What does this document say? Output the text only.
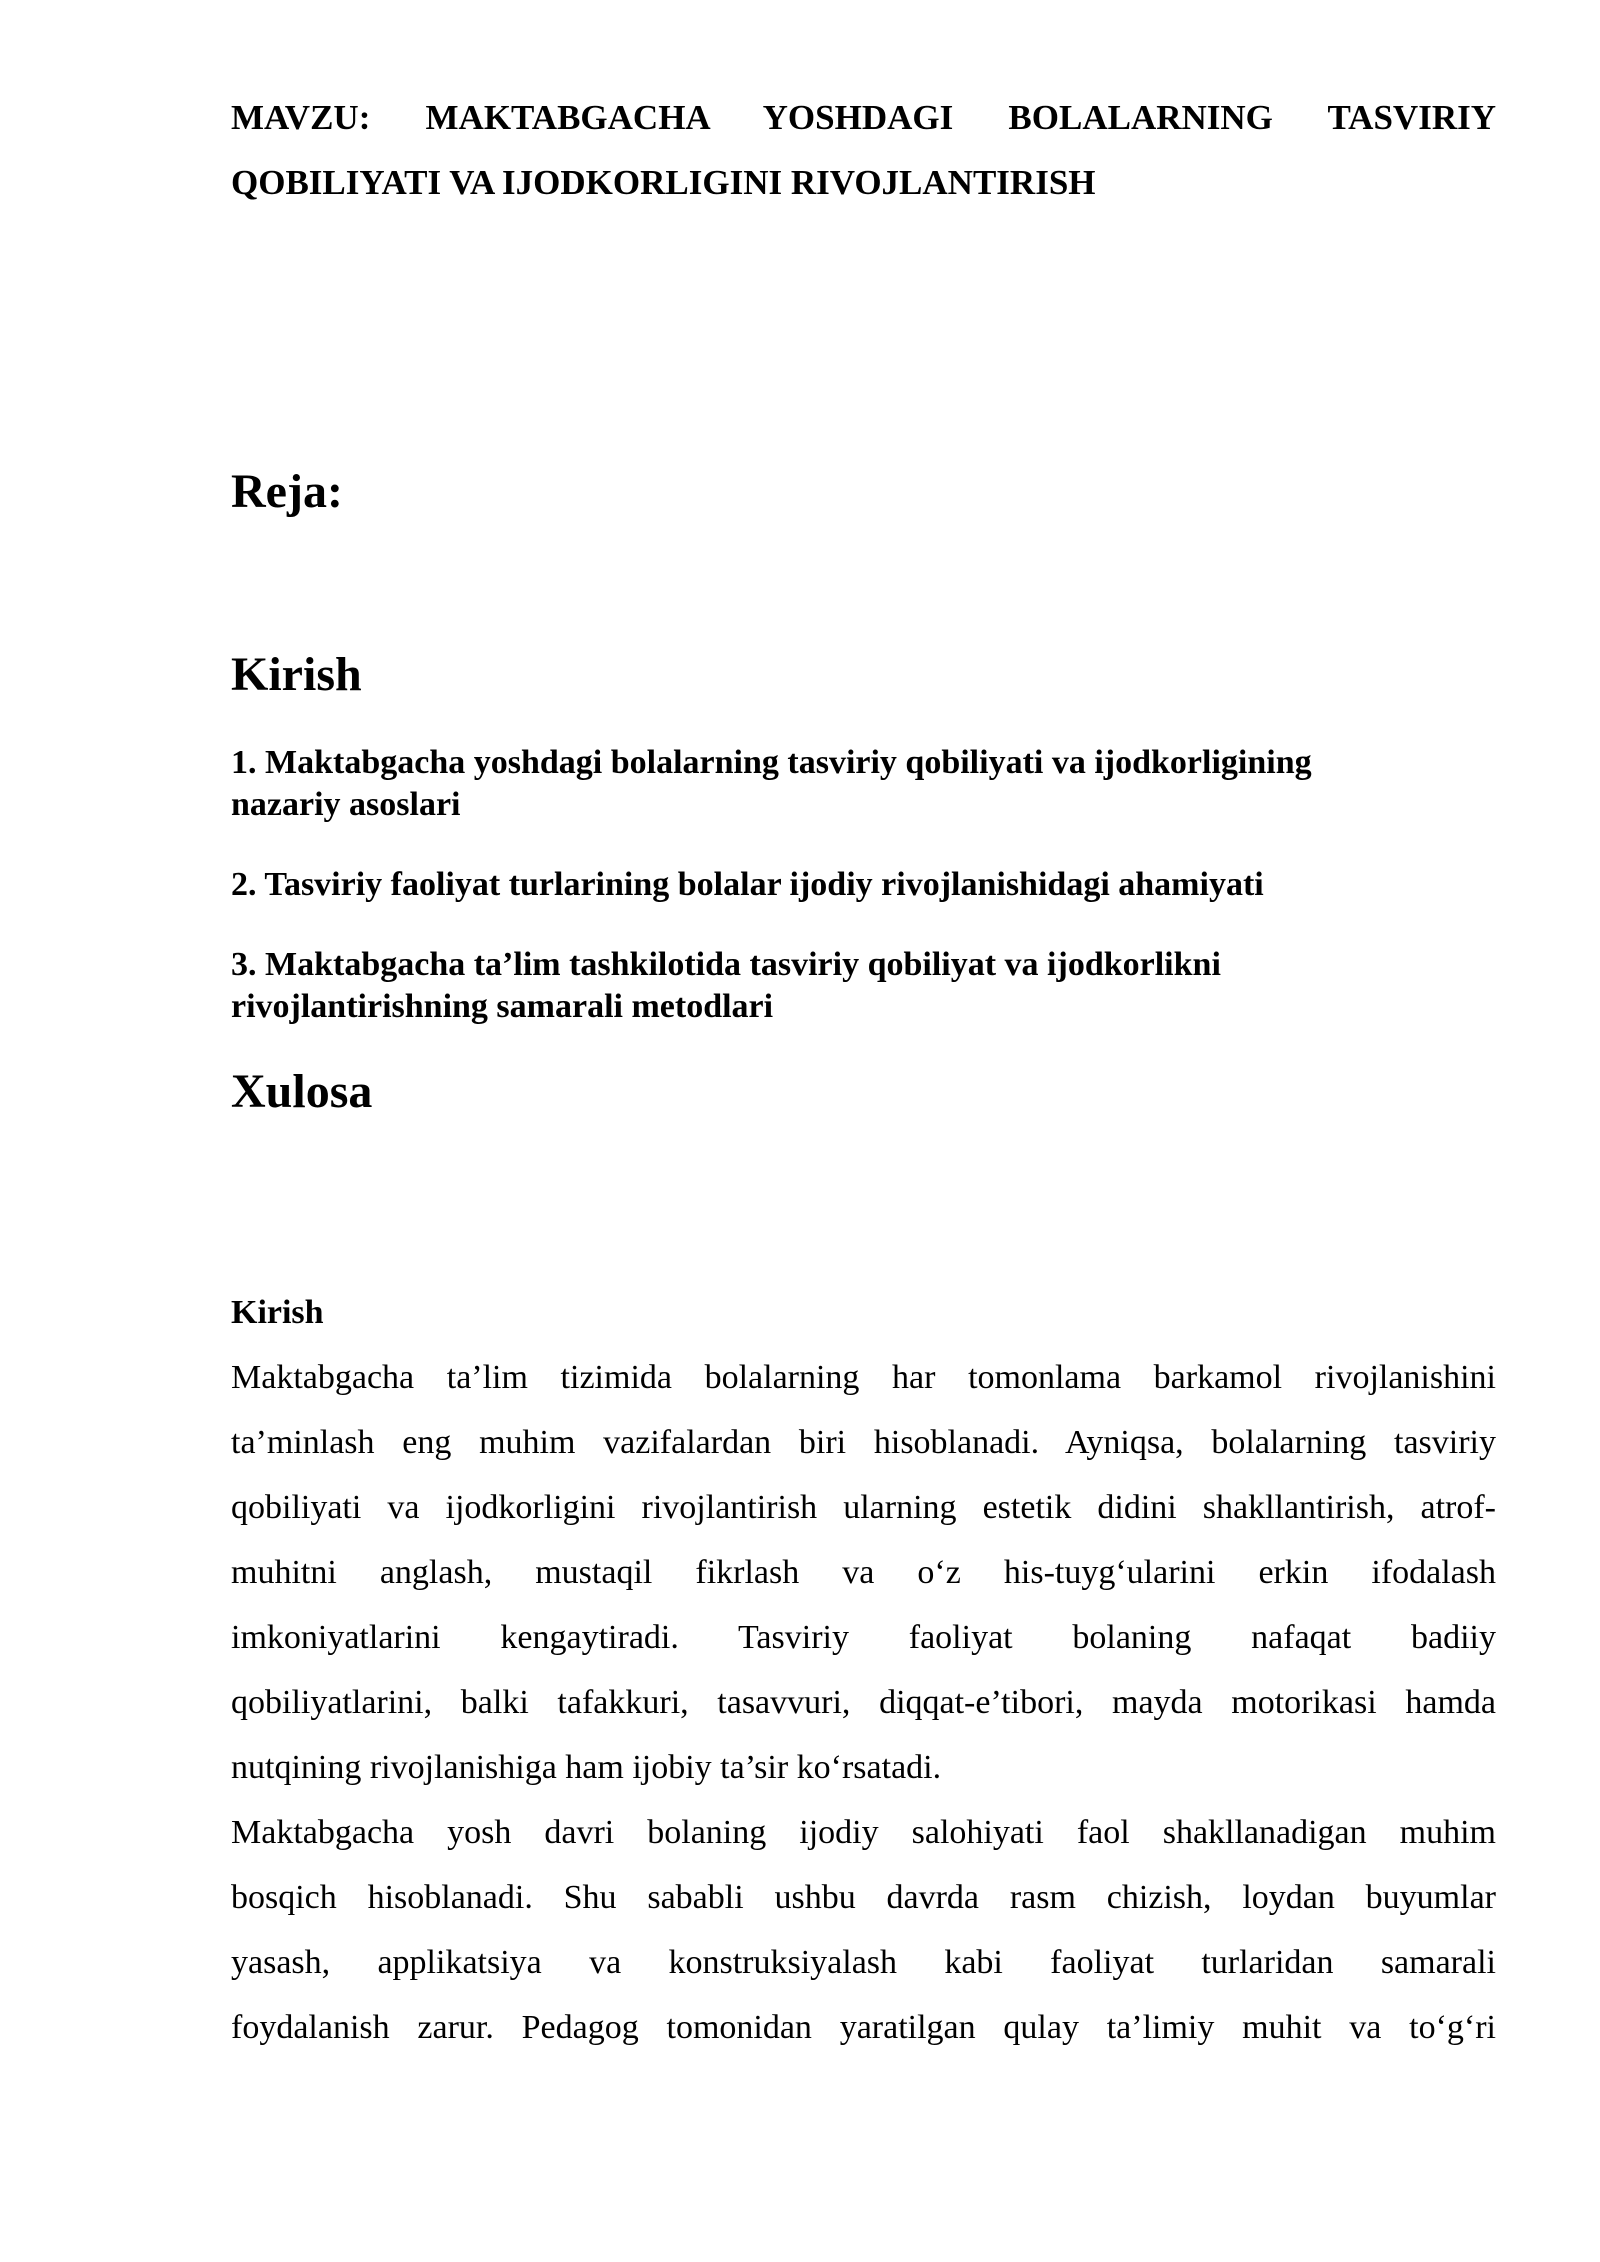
MAVZU: MAKTABGACHA YOSHDAGI BOLALARNING TASVIRIY
QOBILIYATI VA IJODKORLIGINI RIVOJLANTIRISH
Reja:
Kirish
1. Maktabgacha yoshdagi bolalarning tasviriy qobiliyati va ijodkorligining
nazariy asoslari
2. Tasviriy faoliyat turlarining bolalar ijodiy rivojlanishidagi ahamiyati
3. Maktabgacha ta’lim tashkilotida tasviriy qobiliyat va ijodkorlikni
rivojlantirishning samarali metodlari
Xulosa
Kirish
Maktabgacha ta’lim tizimida bolalarning har tomonlama barkamol rivojlanishini
ta’minlash eng muhim vazifalardan biri hisoblanadi. Ayniqsa, bolalarning tasviriy
qobiliyati va ijodkorligini rivojlantirish ularning estetik didini shakllantirish, atrof-
muhitni anglash, mustaqil fikrlash va o‘z his-tuyg‘ularini erkin ifodalash
imkoniyatlarini kengaytiradi. Tasviriy faoliyat bolaning nafaqat badiiy
qobiliyatlarini, balki tafakkuri, tasavvuri, diqqat-e’tibori, mayda motorikasi hamda
nutqining rivojlanishiga ham ijobiy ta’sir ko‘rsatadi.
Maktabgacha yosh davri bolaning ijodiy salohiyati faol shakllanadigan muhim
bosqich hisoblanadi. Shu sababli ushbu davrda rasm chizish, loydan buyumlar
yasash, applikatsiya va konstruksiyalash kabi faoliyat turlaridan samarali
foydalanish zarur. Pedagog tomonidan yaratilgan qulay ta’limiy muhit va to‘g‘ri
